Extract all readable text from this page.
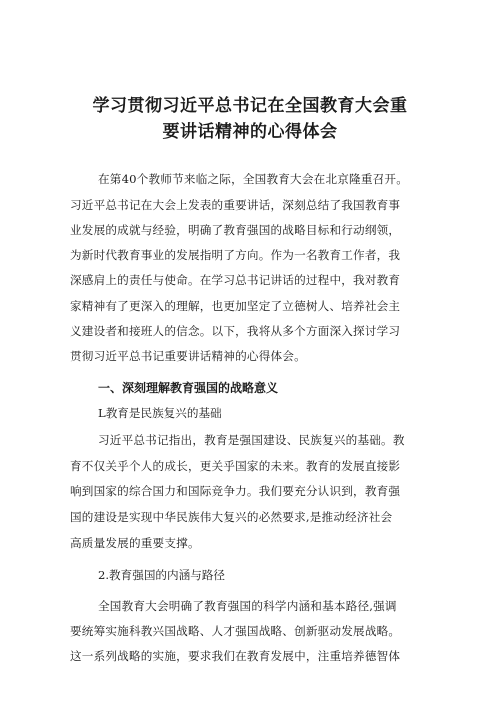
学习贯彻习近平总书记在全国教育大会重
要讲话精神的心得体会
在第40个教师节来临之际，全国教育大会在北京隆重召开。
习近平总书记在大会上发表的重要讲话，深刻总结了我国教育事
业发展的成就与经验，明确了教育强国的战略目标和行动纲领，
为新时代教育事业的发展指明了方向。作为一名教育工作者，我
深感肩上的责任与使命。在学习总书记讲话的过程中，我对教育
家精神有了更深入的理解，也更加坚定了立德树人、培养社会主
义建设者和接班人的信念。以下，我将从多个方面深入探讨学习
贯彻习近平总书记重要讲话精神的心得体会。
一、深刻理解教育强国的战略意义
L教育是民族复兴的基础
习近平总书记指出，教育是强国建设、民族复兴的基础。教
育不仅关乎个人的成长，更关乎国家的未来。教育的发展直接影
响到国家的综合国力和国际竞争力。我们要充分认识到，教育强
国的建设是实现中华民族伟大复兴的必然要求,是推动经济社会
高质量发展的重要支撑。
2.教育强国的内涵与路径
全国教育大会明确了教育强国的科学内涵和基本路径,强调
要统筹实施科教兴国战略、人才强国战略、创新驱动发展战略。
这一系列战略的实施，要求我们在教育发展中，注重培养德智体
